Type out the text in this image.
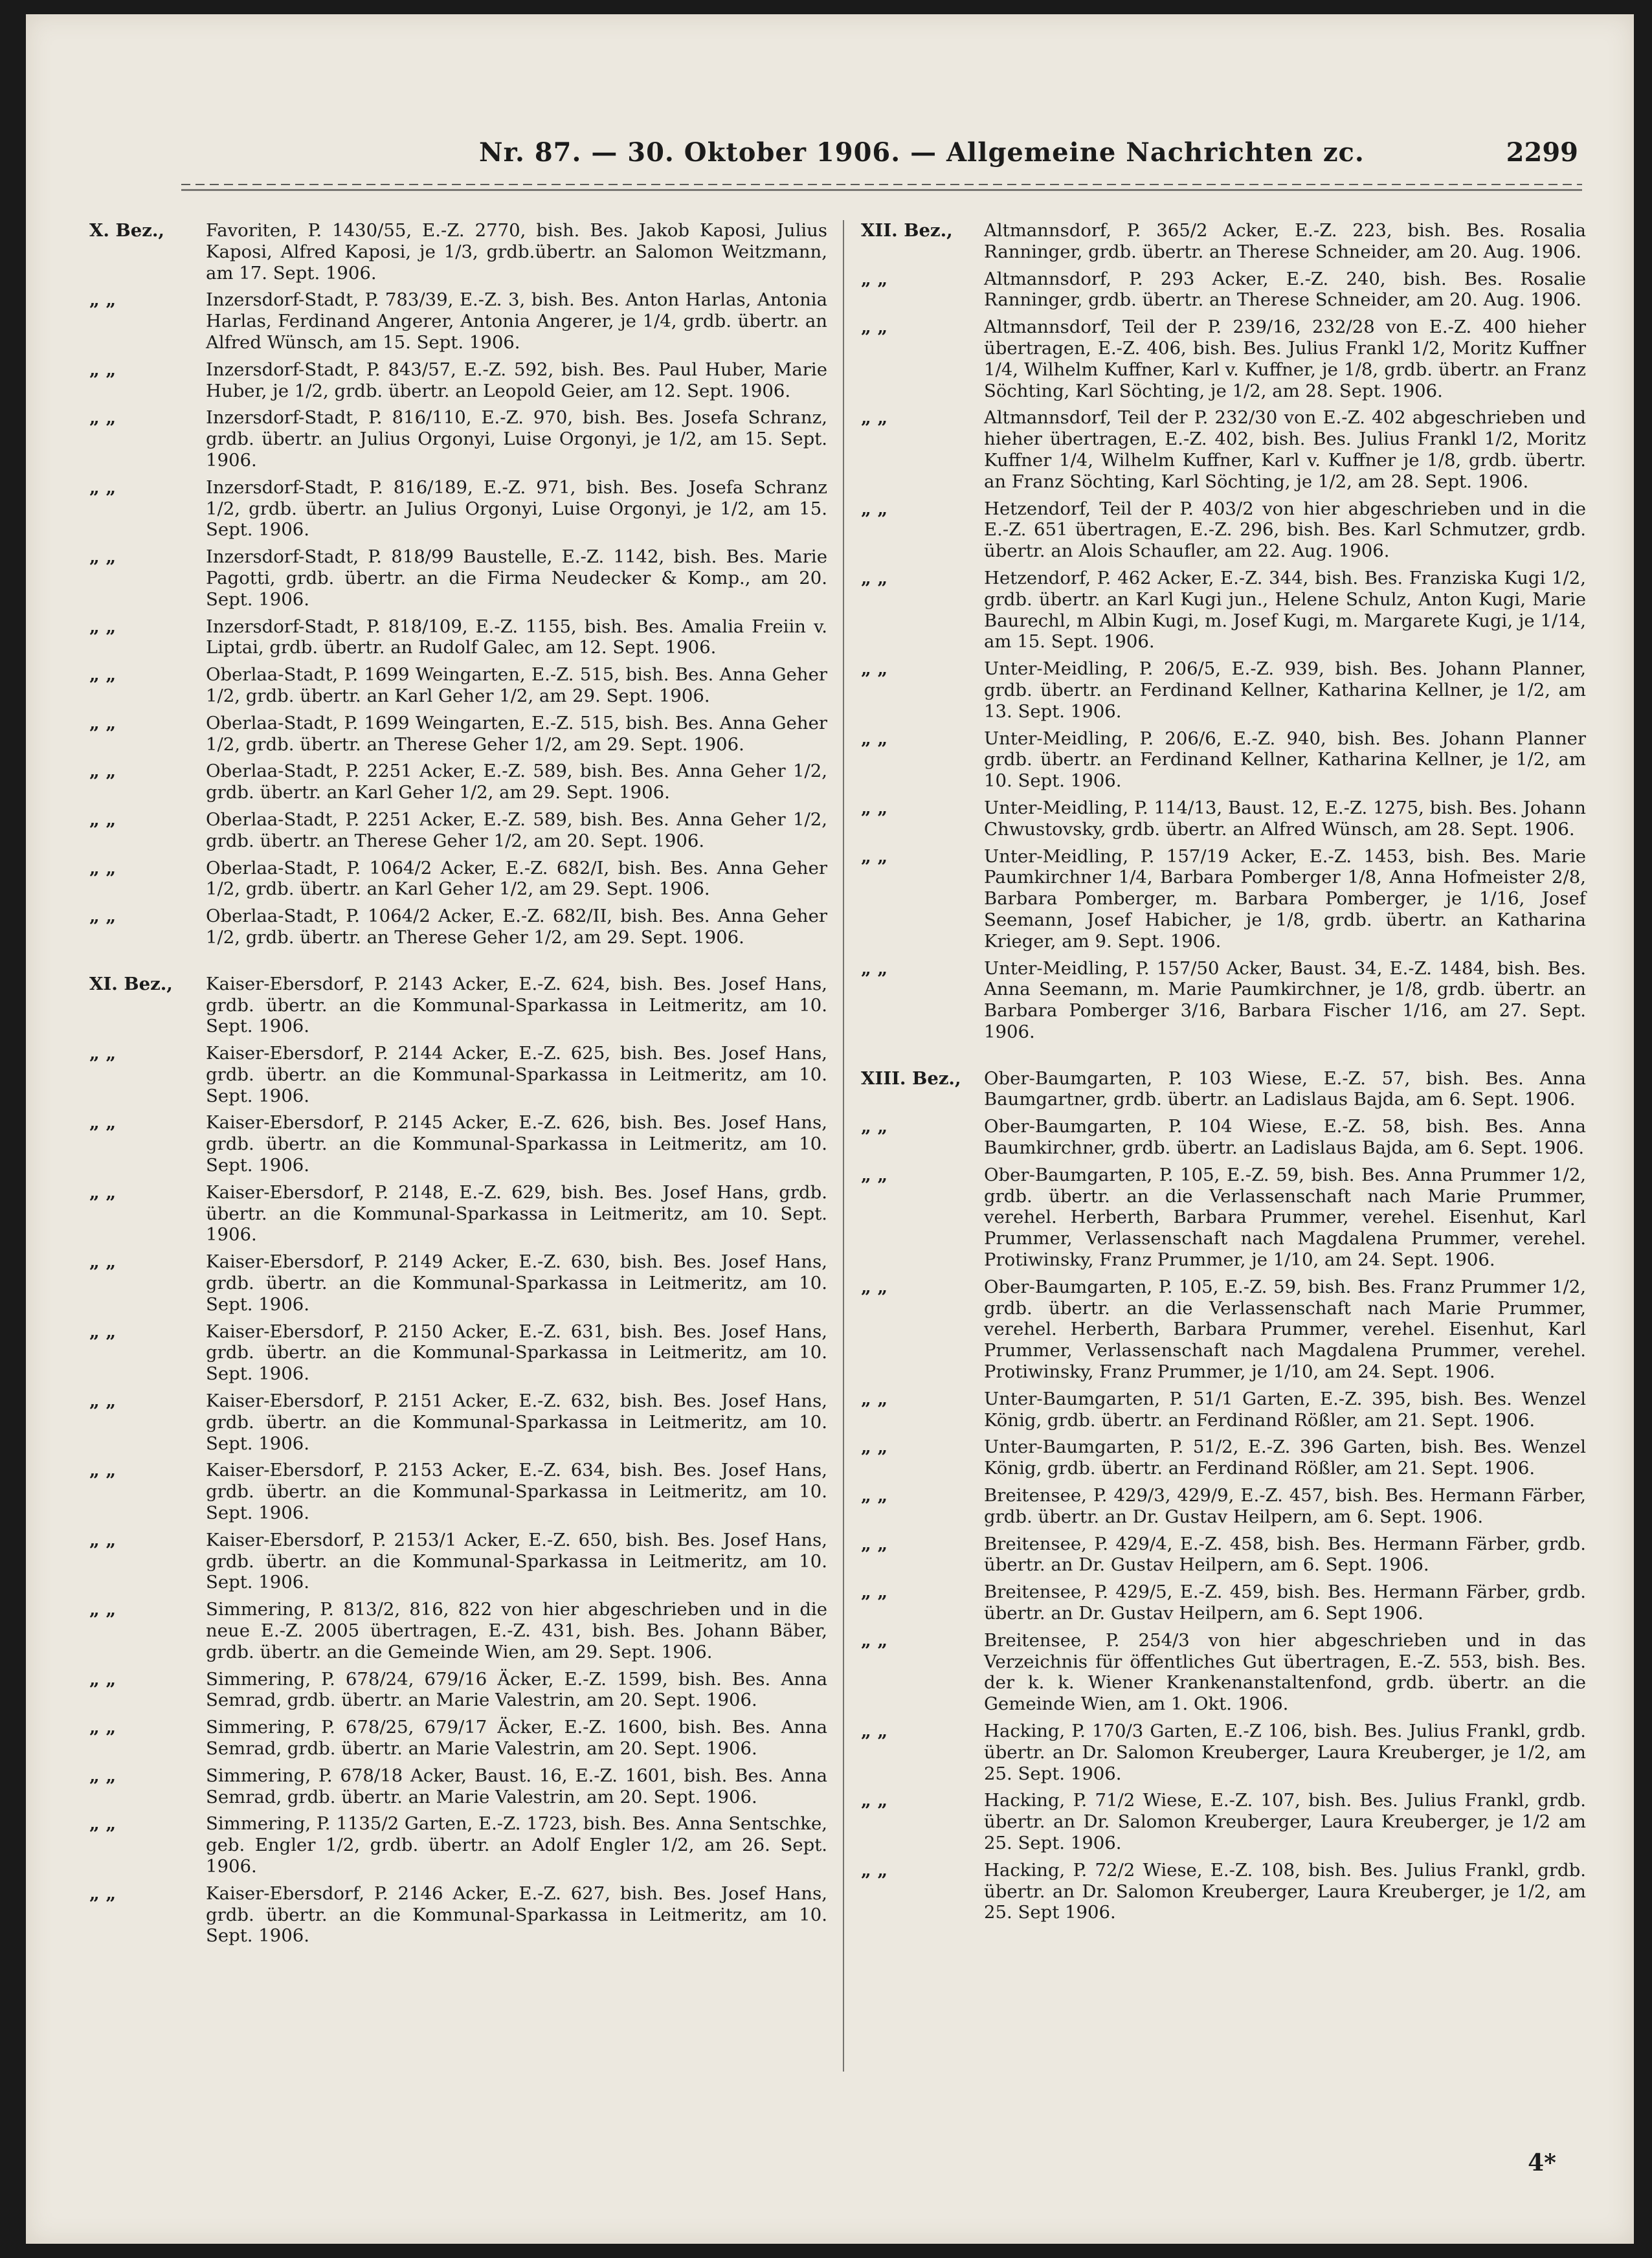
Nr. 87. — 30. Oktober 1906. — Allgemeine Nachrichten zc.	2299
X. Bez., Favoriten, P. 1430/55, E.-Z. 2770, bish. Bes. Jakob Kaposi, Julius Kaposi, Alfred Kaposi, je 1/3, grdb.übertr. an Salomon Weitzmann, am 17. Sept. 1906.
„ „	Inzersdorf-Stadt, P. 783/39, E.-Z. 3, bish. Bes. Anton Harlas, Antonia Harlas, Ferdinand Angerer, Antonia Angerer, je 1/4, grdb. übertr. an Alfred Wünsch, am 15. Sept. 1906.
„ „	Inzersdorf-Stadt, P. 843/57, E.-Z. 592, bish. Bes. Paul Huber, Marie Huber, je 1/2, grdb. übertr. an Leopold Geier, am 12. Sept. 1906.
„ „	Inzersdorf-Stadt, P. 816/110, E.-Z. 970, bish. Bes. Josefa Schranz, grdb. übertr. an Julius Orgonyi, Luise Orgonyi, je 1/2, am 15. Sept. 1906.
„ „	Inzersdorf-Stadt, P. 816/189, E.-Z. 971, bish. Bes. Josefa Schranz 1/2, grdb. übertr. an Julius Orgonyi, Luise Orgonyi, je 1/2, am 15. Sept. 1906.
„ „	Inzersdorf-Stadt, P. 818/99 Baustelle, E.-Z. 1142, bish. Bes. Marie Pagotti, grdb. übertr. an die Firma Neudecker & Komp., am 20. Sept. 1906.
„ „	Inzersdorf-Stadt, P. 818/109, E.-Z. 1155, bish. Bes. Amalia Freiin v. Liptai, grdb. übertr. an Rudolf Galec, am 12. Sept. 1906.
„ „	Oberlaa-Stadt, P. 1699 Weingarten, E.-Z. 515, bish. Bes. Anna Geher 1/2, grdb. übertr. an Karl Geher 1/2, am 29. Sept. 1906.
„ „	Oberlaa-Stadt, P. 1699 Weingarten, E.-Z. 515, bish. Bes. Anna Geher 1/2, grdb. übertr. an Therese Geher 1/2, am 29. Sept. 1906.
„ „	Oberlaa-Stadt, P. 2251 Acker, E.-Z. 589, bish. Bes. Anna Geher 1/2, grdb. übertr. an Karl Geher 1/2, am 29. Sept. 1906.
„ „	Oberlaa-Stadt, P. 2251 Acker, E.-Z. 589, bish. Bes. Anna Geher 1/2, grdb. übertr. an Therese Geher 1/2, am 20. Sept. 1906.
„ „	Oberlaa-Stadt, P. 1064/2 Acker, E.-Z. 682/I, bish. Bes. Anna Geher 1/2, grdb. übertr. an Karl Geher 1/2, am 29. Sept. 1906.
„ „	Oberlaa-Stadt, P. 1064/2 Acker, E.-Z. 682/II, bish. Bes. Anna Geher 1/2, grdb. übertr. an Therese Geher 1/2, am 29. Sept. 1906.
XI. Bez., Kaiser-Ebersdorf, P. 2143 Acker, E.-Z. 624, bish. Bes. Josef Hans, grdb. übertr. an die Kommunal-Sparkassa in Leitmeritz, am 10. Sept. 1906.
„ „	Kaiser-Ebersdorf, P. 2144 Acker, E.-Z. 625, bish. Bes. Josef Hans, grdb. übertr. an die Kommunal-Sparkassa in Leitmeritz, am 10. Sept. 1906.
„ „	Kaiser-Ebersdorf, P. 2145 Acker, E.-Z. 626, bish. Bes. Josef Hans, grdb. übertr. an die Kommunal-Sparkassa in Leitmeritz, am 10. Sept. 1906.
„ „	Kaiser-Ebersdorf, P. 2148, E.-Z. 629, bish. Bes. Josef Hans, grdb. übertr. an die Kommunal-Sparkassa in Leitmeritz, am 10. Sept. 1906.
„ „	Kaiser-Ebersdorf, P. 2149 Acker, E.-Z. 630, bish. Bes. Josef Hans, grdb. übertr. an die Kommunal-Sparkassa in Leitmeritz, am 10. Sept. 1906.
„ „	Kaiser-Ebersdorf, P. 2150 Acker, E.-Z. 631, bish. Bes. Josef Hans, grdb. übertr. an die Kommunal-Sparkassa in Leitmeritz, am 10. Sept. 1906.
„ „	Kaiser-Ebersdorf, P. 2151 Acker, E.-Z. 632, bish. Bes. Josef Hans, grdb. übertr. an die Kommunal-Sparkassa in Leitmeritz, am 10. Sept. 1906.
„ „	Kaiser-Ebersdorf, P. 2153 Acker, E.-Z. 634, bish. Bes. Josef Hans, grdb. übertr. an die Kommunal-Sparkassa in Leitmeritz, am 10. Sept. 1906.
„ „	Kaiser-Ebersdorf, P. 2153/1 Acker, E.-Z. 650, bish. Bes. Josef Hans, grdb. übertr. an die Kommunal-Sparkassa in Leitmeritz, am 10. Sept. 1906.
„ „	Simmering, P. 813/2, 816, 822 von hier abgeschrieben und in die neue E.-Z. 2005 übertragen, E.-Z. 431, bish. Bes. Johann Bäber, grdb. übertr. an die Gemeinde Wien, am 29. Sept. 1906.
„ „	Simmering, P. 678/24, 679/16 Äcker, E.-Z. 1599, bish. Bes. Anna Semrad, grdb. übertr. an Marie Valestrin, am 20. Sept. 1906.
„ „	Simmering, P. 678/25, 679/17 Äcker, E.-Z. 1600, bish. Bes. Anna Semrad, grdb. übertr. an Marie Valestrin, am 20. Sept. 1906.
„ „	Simmering, P. 678/18 Acker, Baust. 16, E.-Z. 1601, bish. Bes. Anna Semrad, grdb. übertr. an Marie Valestrin, am 20. Sept. 1906.
„ „	Simmering, P. 1135/2 Garten, E.-Z. 1723, bish. Bes. Anna Sentschke, geb. Engler 1/2, grdb. übertr. an Adolf Engler 1/2, am 26. Sept. 1906.
„ „	Kaiser-Ebersdorf, P. 2146 Acker, E.-Z. 627, bish. Bes. Josef Hans, grdb. übertr. an die Kommunal-Sparkassa in Leitmeritz, am 10. Sept. 1906.
XII. Bez., Altmannsdorf, P. 365/2 Acker, E.-Z. 223, bish. Bes. Rosalia Ranninger, grdb. übertr. an Therese Schneider, am 20. Aug. 1906.
„ „	Altmannsdorf, P. 293 Acker, E.-Z. 240, bish. Bes. Rosalie Ranninger, grdb. übertr. an Therese Schneider, am 20. Aug. 1906.
„ „	Altmannsdorf, Teil der P. 239/16, 232/28 von E.-Z. 400 hieher übertragen, E.-Z. 406, bish. Bes. Julius Frankl 1/2, Moritz Kuffner 1/4, Wilhelm Kuffner, Karl v. Kuffner, je 1/8, grdb. übertr. an Franz Söchting, Karl Söchting, je 1/2, am 28. Sept. 1906.
„ „	Altmannsdorf, Teil der P. 232/30 von E.-Z. 402 abgeschrieben und hieher übertragen, E.-Z. 402, bish. Bes. Julius Frankl 1/2, Moritz Kuffner 1/4, Wilhelm Kuffner, Karl v. Kuffner je 1/8, grdb. übertr. an Franz Söchting, Karl Söchting, je 1/2, am 28. Sept. 1906.
„ „	Hetzendorf, Teil der P. 403/2 von hier abgeschrieben und in die E.-Z. 651 übertragen, E.-Z. 296, bish. Bes. Karl Schmutzer, grdb. übertr. an Alois Schaufler, am 22. Aug. 1906.
„ „	Hetzendorf, P. 462 Acker, E.-Z. 344, bish. Bes. Franziska Kugi 1/2, grdb. übertr. an Karl Kugi jun., Helene Schulz, Anton Kugi, Marie Baurechl, m Albin Kugi, m. Josef Kugi, m. Margarete Kugi, je 1/14, am 15. Sept. 1906.
„ „	Unter-Meidling, P. 206/5, E.-Z. 939, bish. Bes. Johann Planner, grdb. übertr. an Ferdinand Kellner, Katharina Kellner, je 1/2, am 13. Sept. 1906.
„ „	Unter-Meidling, P. 206/6, E.-Z. 940, bish. Bes. Johann Planner grdb. übertr. an Ferdinand Kellner, Katharina Kellner, je 1/2, am 10. Sept. 1906.
„ „	Unter-Meidling, P. 114/13, Baust. 12, E.-Z. 1275, bish. Bes. Johann Chwustovsky, grdb. übertr. an Alfred Wünsch, am 28. Sept. 1906.
„ „	Unter-Meidling, P. 157/19 Acker, E.-Z. 1453, bish. Bes. Marie Paumkirchner 1/4, Barbara Pomberger 1/8, Anna Hofmeister 2/8, Barbara Pomberger, m. Barbara Pomberger, je 1/16, Josef Seemann, Josef Habicher, je 1/8, grdb. übertr. an Katharina Krieger, am 9. Sept. 1906.
„ „	Unter-Meidling, P. 157/50 Acker, Baust. 34, E.-Z. 1484, bish. Bes. Anna Seemann, m. Marie Paumkirchner, je 1/8, grdb. übertr. an Barbara Pomberger 3/16, Barbara Fischer 1/16, am 27. Sept. 1906.
XIII. Bez., Ober-Baumgarten, P. 103 Wiese, E.-Z. 57, bish. Bes. Anna Baumgartner, grdb. übertr. an Ladislaus Bajda, am 6. Sept. 1906.
„ „	Ober-Baumgarten, P. 104 Wiese, E.-Z. 58, bish. Bes. Anna Baumkirchner, grdb. übertr. an Ladislaus Bajda, am 6. Sept. 1906.
„ „	Ober-Baumgarten, P. 105, E.-Z. 59, bish. Bes. Anna Prummer 1/2, grdb. übertr. an die Verlassenschaft nach Marie Prummer, verehel. Herberth, Barbara Prummer, verehel. Eisenhut, Karl Prummer, Verlassenschaft nach Magdalena Prummer, verehel. Protiwinsky, Franz Prummer, je 1/10, am 24. Sept. 1906.
„ „	Ober-Baumgarten, P. 105, E.-Z. 59, bish. Bes. Franz Prummer 1/2, grdb. übertr. an die Verlassenschaft nach Marie Prummer, verehel. Herberth, Barbara Prummer, verehel. Eisenhut, Karl Prummer, Verlassenschaft nach Magdalena Prummer, verehel. Protiwinsky, Franz Prummer, je 1/10, am 24. Sept. 1906.
„ „	Unter-Baumgarten, P. 51/1 Garten, E.-Z. 395, bish. Bes. Wenzel König, grdb. übertr. an Ferdinand Rößler, am 21. Sept. 1906.
„ „	Unter-Baumgarten, P. 51/2, E.-Z. 396 Garten, bish. Bes. Wenzel König, grdb. übertr. an Ferdinand Rößler, am 21. Sept. 1906.
„ „	Breitensee, P. 429/3, 429/9, E.-Z. 457, bish. Bes. Hermann Färber, grdb. übertr. an Dr. Gustav Heilpern, am 6. Sept. 1906.
„ „	Breitensee, P. 429/4, E.-Z. 458, bish. Bes. Hermann Färber, grdb. übertr. an Dr. Gustav Heilpern, am 6. Sept. 1906.
„ „	Breitensee, P. 429/5, E.-Z. 459, bish. Bes. Hermann Färber, grdb. übertr. an Dr. Gustav Heilpern, am 6. Sept 1906.
„ „	Breitensee, P. 254/3 von hier abgeschrieben und in das Verzeichnis für öffentliches Gut übertragen, E.-Z. 553, bish. Bes. der k. k. Wiener Krankenanstaltenfond, grdb. übertr. an die Gemeinde Wien, am 1. Okt. 1906.
„ „	Hacking, P. 170/3 Garten, E.-Z 106, bish. Bes. Julius Frankl, grdb. übertr. an Dr. Salomon Kreuberger, Laura Kreuberger, je 1/2, am 25. Sept. 1906.
„ „	Hacking, P. 71/2 Wiese, E.-Z. 107, bish. Bes. Julius Frankl, grdb. übertr. an Dr. Salomon Kreuberger, Laura Kreuberger, je 1/2 am 25. Sept. 1906.
„ „	Hacking, P. 72/2 Wiese, E.-Z. 108, bish. Bes. Julius Frankl, grdb. übertr. an Dr. Salomon Kreuberger, Laura Kreuberger, je 1/2, am 25. Sept 1906.
4*
